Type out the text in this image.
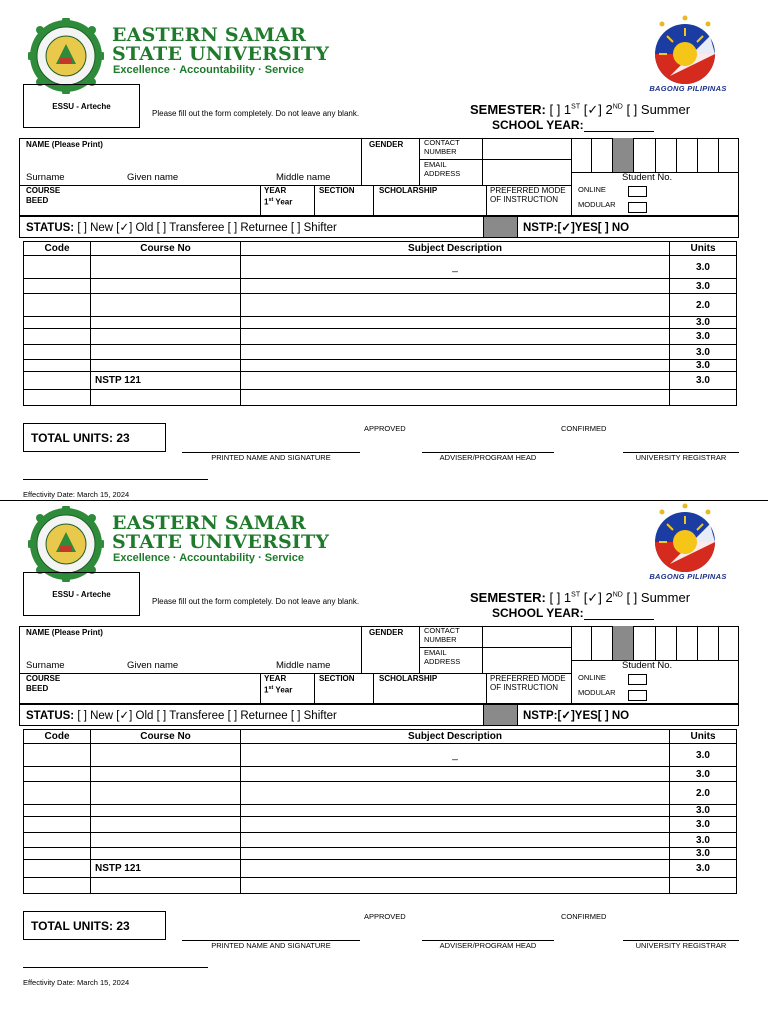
EASTERN SAMAR
STATE UNIVERSITY
Excellence · Accountability · Service
BAGONG PILIPINAS
ESSU - Arteche
Please fill out the form completely. Do not leave any blank.	SEMESTER: [ ] 1ST [✓] 2ND [ ] Summer
SCHOOL YEAR:
NAME (Please Print)	GENDER	CONTACT NUMBER
EMAIL ADDRESS
Surname	Given name	Middle name	Student No.
COURSE
BEED
YEAR
1st Year
SECTION	SCHOLARSHIP	PREFERRED MODE OF INSTRUCTION
ONLINE
MODULAR
STATUS: [ ] New [✓] Old [ ] Transferee [ ] Returnee [ ] Shifter	NSTP:[✓]YES[ ] NO
Code	Course No	Subject Description	Units
		_	3.0
			3.0
			2.0
			3.0
			3.0
			3.0
			3.0
	NSTP 121		3.0

TOTAL UNITS: 23
APPROVED	CONFIRMED
PRINTED NAME AND SIGNATURE	ADVISER/PROGRAM HEAD	UNIVERSITY REGISTRAR
Effectivity Date: March 15, 2024
EASTERN SAMAR
STATE UNIVERSITY
Excellence · Accountability · Service
BAGONG PILIPINAS
ESSU - Arteche
Please fill out the form completely. Do not leave any blank.	SEMESTER: [ ] 1ST [✓] 2ND [ ] Summer
SCHOOL YEAR:
NAME (Please Print)	GENDER	CONTACT NUMBER
EMAIL ADDRESS
Surname	Given name	Middle name	Student No.
COURSE
BEED
YEAR
1st Year
SECTION	SCHOLARSHIP	PREFERRED MODE OF INSTRUCTION
ONLINE
MODULAR
STATUS: [ ] New [✓] Old [ ] Transferee [ ] Returnee [ ] Shifter	NSTP:[✓]YES[ ] NO
Code	Course No	Subject Description	Units
		_	3.0
			3.0
			2.0
			3.0
			3.0
			3.0
			3.0
	NSTP 121		3.0

TOTAL UNITS: 23
APPROVED	CONFIRMED
PRINTED NAME AND SIGNATURE	ADVISER/PROGRAM HEAD	UNIVERSITY REGISTRAR
Effectivity Date: March 15, 2024
